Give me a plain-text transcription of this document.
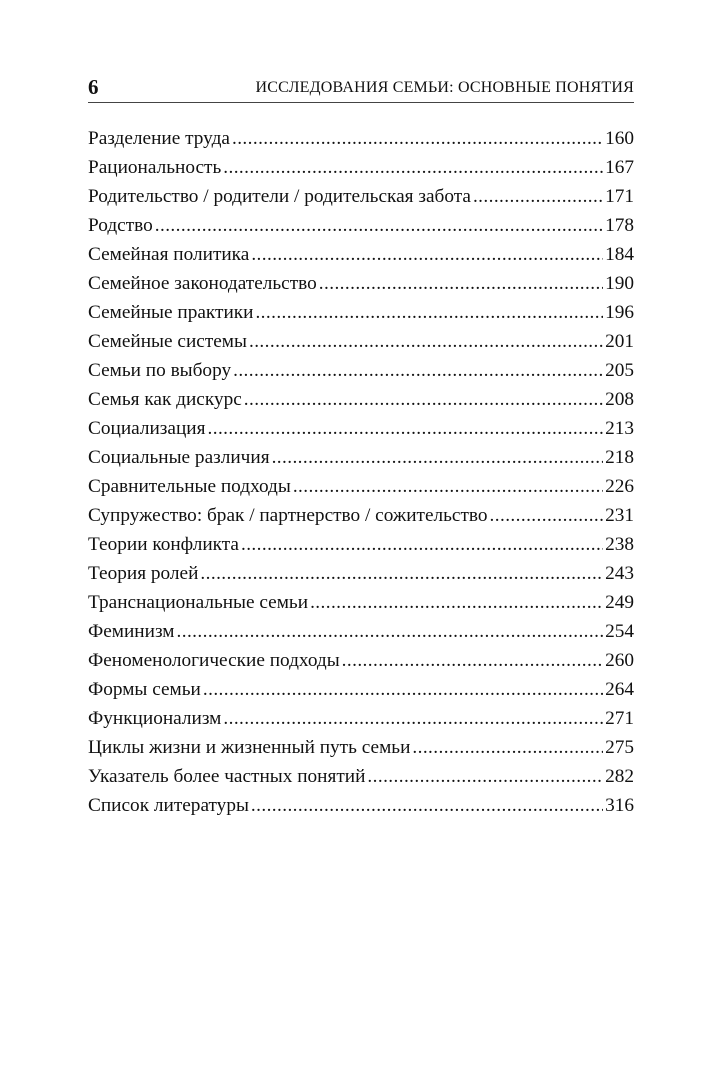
6	ИССЛЕДОВАНИЯ СЕМЬИ: ОСНОВНЫЕ ПОНЯТИЯ
Разделение труда .....	160
Рациональность .....	167
Родительство / родители / родительская забота .....	171
Родство .....	178
Семейная политика .....	184
Семейное законодательство .....	190
Семейные практики .....	196
Семейные системы .....	201
Семьи по выбору .....	205
Семья как дискурс .....	208
Социализация .....	213
Социальные различия .....	218
Сравнительные подходы .....	226
Супружество: брак / партнерство / сожительство .....	231
Теории конфликта .....	238
Теория ролей .....	243
Транснациональные семьи .....	249
Феминизм .....	254
Феноменологические подходы .....	260
Формы семьи .....	264
Функционализм .....	271
Циклы жизни и жизненный путь семьи .....	275
Указатель более частных понятий .....	282
Список литературы .....	316
